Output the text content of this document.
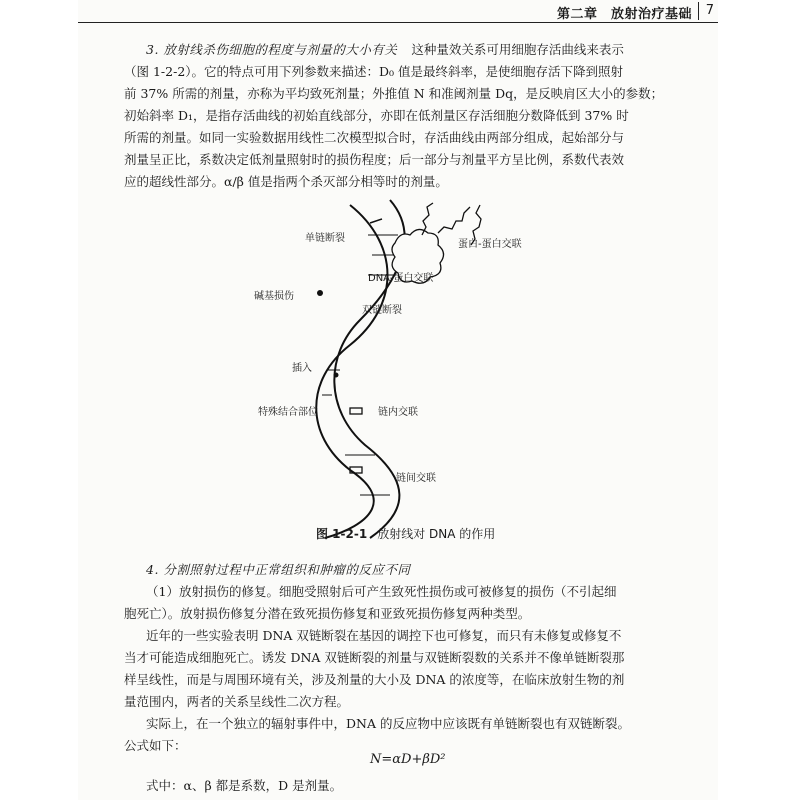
第二章　放射治疗基础 7
3. 放射线杀伤细胞的程度与剂量的大小有关 这种量效关系可用细胞存活曲线来表示
（图 1-2-2）。它的特点可用下列参数来描述：D₀ 值是最终斜率，是使细胞存活下降到照射
前 37% 所需的剂量，亦称为平均致死剂量；外推值 N 和准阈剂量 Dq，是反映肩区大小的参数；
初始斜率 D₁，是指存活曲线的初始直线部分，亦即在低剂量区存活细胞分数降低到 37% 时
所需的剂量。如同一实验数据用线性二次模型拟合时，存活曲线由两部分组成，起始部分与
剂量呈正比，系数决定低剂量照射时的损伤程度；后一部分与剂量平方呈比例，系数代表效
应的超线性部分。α/β 值是指两个杀灭部分相等时的剂量。
单链断裂
蛋白-蛋白交联
DNA-蛋白交联
碱基损伤
双链断裂
插入
特殊结合部位	链内交联
链间交联
图 1-2-1 放射线对 DNA 的作用
4. 分割照射过程中正常组织和肿瘤的反应不同
（1）放射损伤的修复。细胞受照射后可产生致死性损伤或可被修复的损伤（不引起细
胞死亡）。放射损伤修复分潜在致死损伤修复和亚致死损伤修复两种类型。
近年的一些实验表明 DNA 双链断裂在基因的调控下也可修复，而只有未修复或修复不
当才可能造成细胞死亡。诱发 DNA 双链断裂的剂量与双链断裂数的关系并不像单链断裂那
样呈线性，而是与周围环境有关，涉及剂量的大小及 DNA 的浓度等，在临床放射生物的剂
量范围内，两者的关系呈线性二次方程。
实际上，在一个独立的辐射事件中，DNA 的反应物中应该既有单链断裂也有双链断裂。
公式如下：
N=αD+βD²
式中：α、β 都是系数，D 是剂量。
